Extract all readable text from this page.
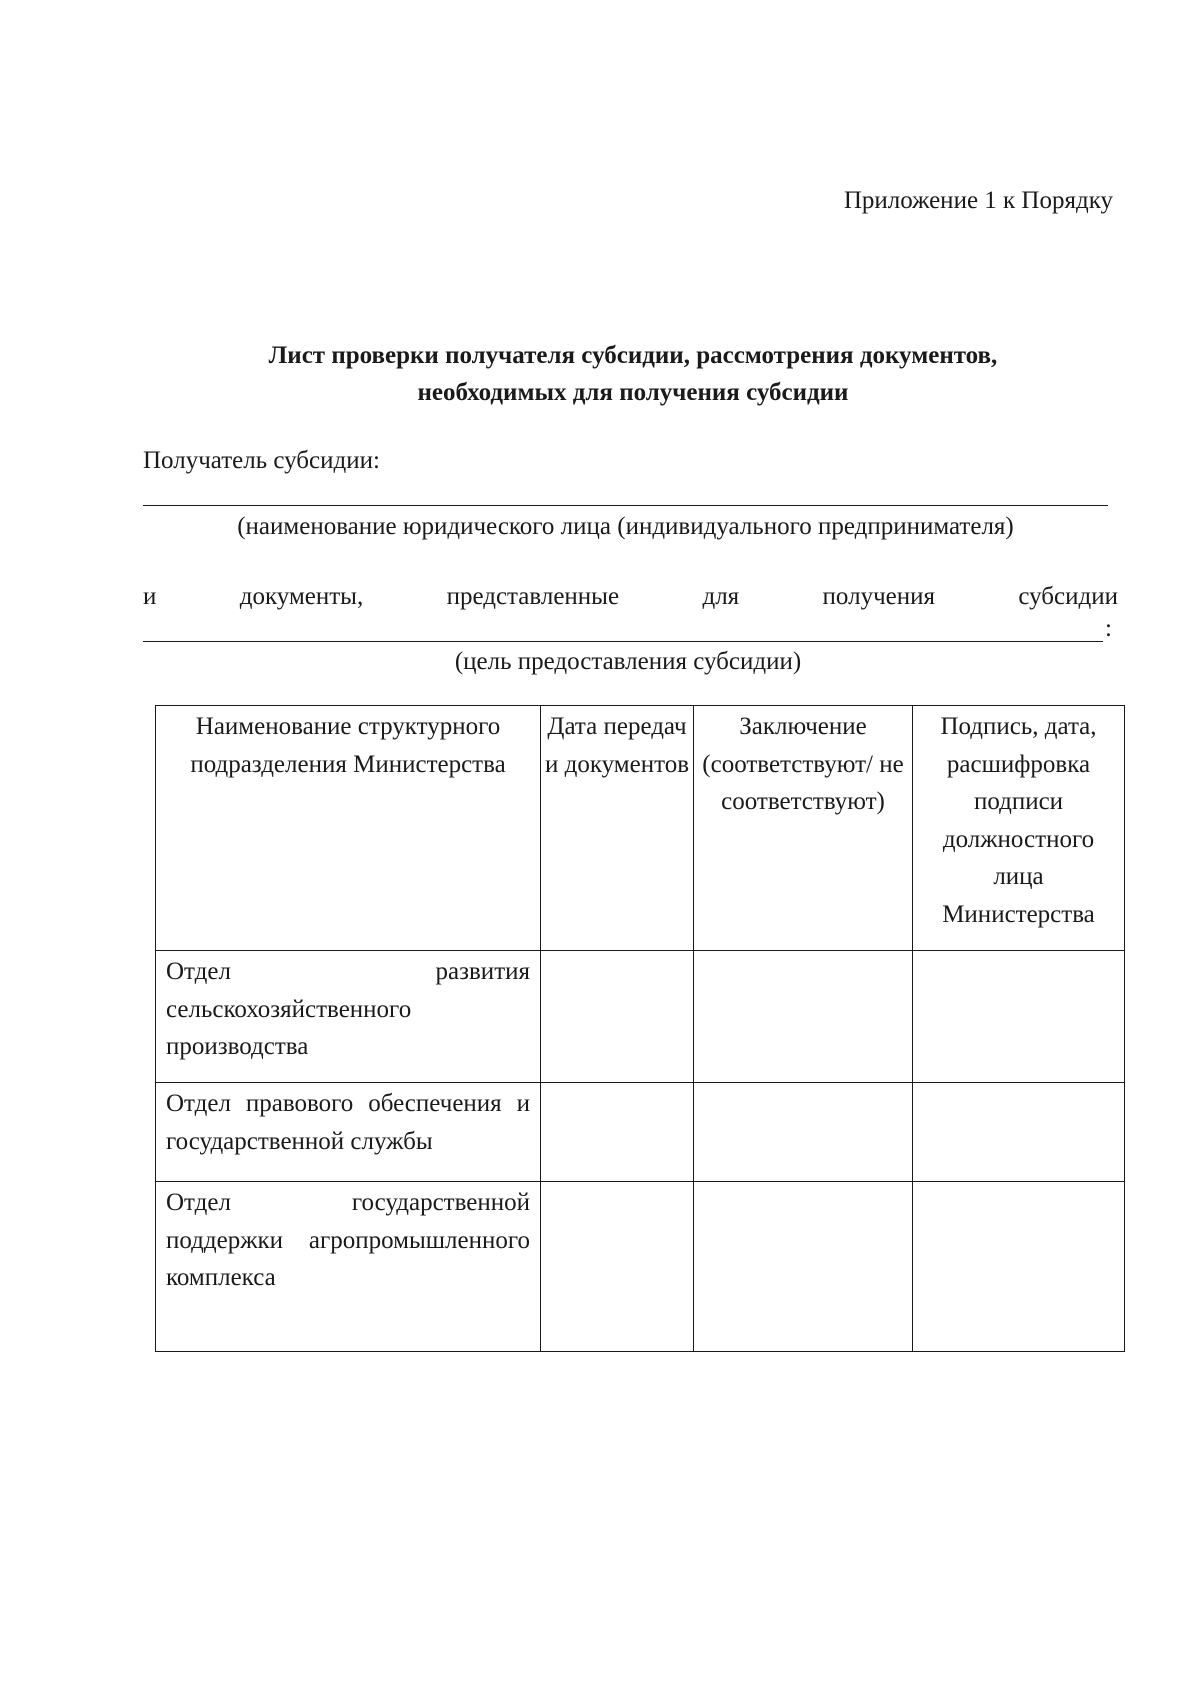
Приложение 1 к Порядку
Лист проверки получателя субсидии, рассмотрения документов,
необходимых для получения субсидии
Получатель субсидии:
(наименование юридического лица (индивидуального предпринимателя)
и	документы,	представленные	для	получения	субсидии
:
(цель предоставления субсидии)
Наименование структурного подразделения Министерства	Дата передачи документов	Заключение (соответствуют/ не соответствуют)	Подпись, дата, расшифровка подписи должностного лица Министерства
Отдел развития сельскохозяйственного производства			
Отдел правового обеспечения и государственной службы			
Отдел государственной поддержки агропромышленного комплекса			
